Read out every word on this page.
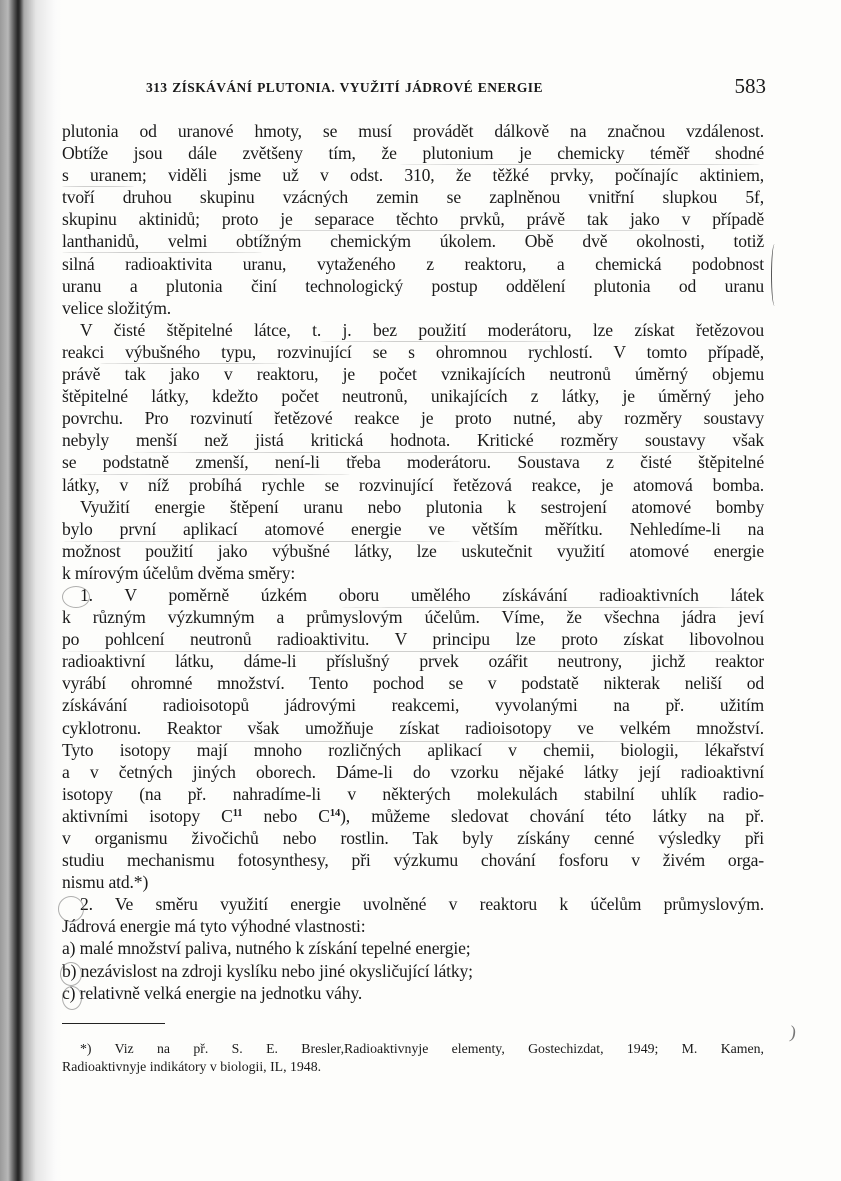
313 ZÍSKÁVÁNÍ PLUTONIA. VYUŽITÍ JÁDROVÉ ENERGIE	583
plutonia od uranové hmoty, se musí provádět dálkově na značnou vzdálenost.
Obtíže jsou dále zvětšeny tím, že plutonium je chemicky téměř shodné
s uranem; viděli jsme už v odst. 310, že těžké prvky, počínajíc aktiniem,
tvoří druhou skupinu vzácných zemin se zaplněnou vnitřní slupkou 5f,
skupinu aktinidů; proto je separace těchto prvků, právě tak jako v případě
lanthanidů, velmi obtížným chemickým úkolem. Obě dvě okolnosti, totiž
silná radioaktivita uranu, vytaženého z reaktoru, a chemická podobnost
uranu a plutonia činí technologický postup oddělení plutonia od uranu
velice složitým.
V čisté štěpitelné látce, t. j. bez použití moderátoru, lze získat řetězovou
reakci výbušného typu, rozvinující se s ohromnou rychlostí. V tomto případě,
právě tak jako v reaktoru, je počet vznikajících neutronů úměrný objemu
štěpitelné látky, kdežto počet neutronů, unikajících z látky, je úměrný jeho
povrchu. Pro rozvinutí řetězové reakce je proto nutné, aby rozměry soustavy
nebyly menší než jistá kritická hodnota. Kritické rozměry soustavy však
se podstatně zmenší, není-li třeba moderátoru. Soustava z čisté štěpitelné
látky, v níž probíhá rychle se rozvinující řetězová reakce, je atomová bomba.
Využití energie štěpení uranu nebo plutonia k sestrojení atomové bomby
bylo první aplikací atomové energie ve větším měřítku. Nehledíme-li na
možnost použití jako výbušné látky, lze uskutečnit využití atomové energie
k mírovým účelům dvěma směry:
1. V poměrně úzkém oboru umělého získávání radioaktivních látek
k různým výzkumným a průmyslovým účelům. Víme, že všechna jádra jeví
po pohlcení neutronů radioaktivitu. V principu lze proto získat libovolnou
radioaktivní látku, dáme-li příslušný prvek ozářit neutrony, jichž reaktor
vyrábí ohromné množství. Tento pochod se v podstatě nikterak neliší od
získávání radioisotopů jádrovými reakcemi, vyvolanými na př. užitím
cyklotronu. Reaktor však umožňuje získat radioisotopy ve velkém množství.
Tyto isotopy mají mnoho rozličných aplikací v chemii, biologii, lékařství
a v četných jiných oborech. Dáme-li do vzorku nějaké látky její radioaktivní
isotopy (na př. nahradíme-li v některých molekulách stabilní uhlík radio-
aktivními isotopy $C^{11}$ nebo $C^{14}$), můžeme sledovat chování této látky na př.
v organismu živočichů nebo rostlin. Tak byly získány cenné výsledky při
studiu mechanismu fotosynthesy, při výzkumu chování fosforu v živém orga-
nismu atd.*)
2. Ve směru využití energie uvolněné v reaktoru k účelům průmyslovým.
Jádrová energie má tyto výhodné vlastnosti:
a) malé množství paliva, nutného k získání tepelné energie;
b) nezávislost na zdroji kyslíku nebo jiné okysličující látky;
c) relativně velká energie na jednotku váhy.
*) Viz na př. S. E. Bresler,Radioaktivnyje elementy, Gostechizdat, 1949; M. Kamen,
Radioaktivnyje indikátory v biologii, IL, 1948.
)
